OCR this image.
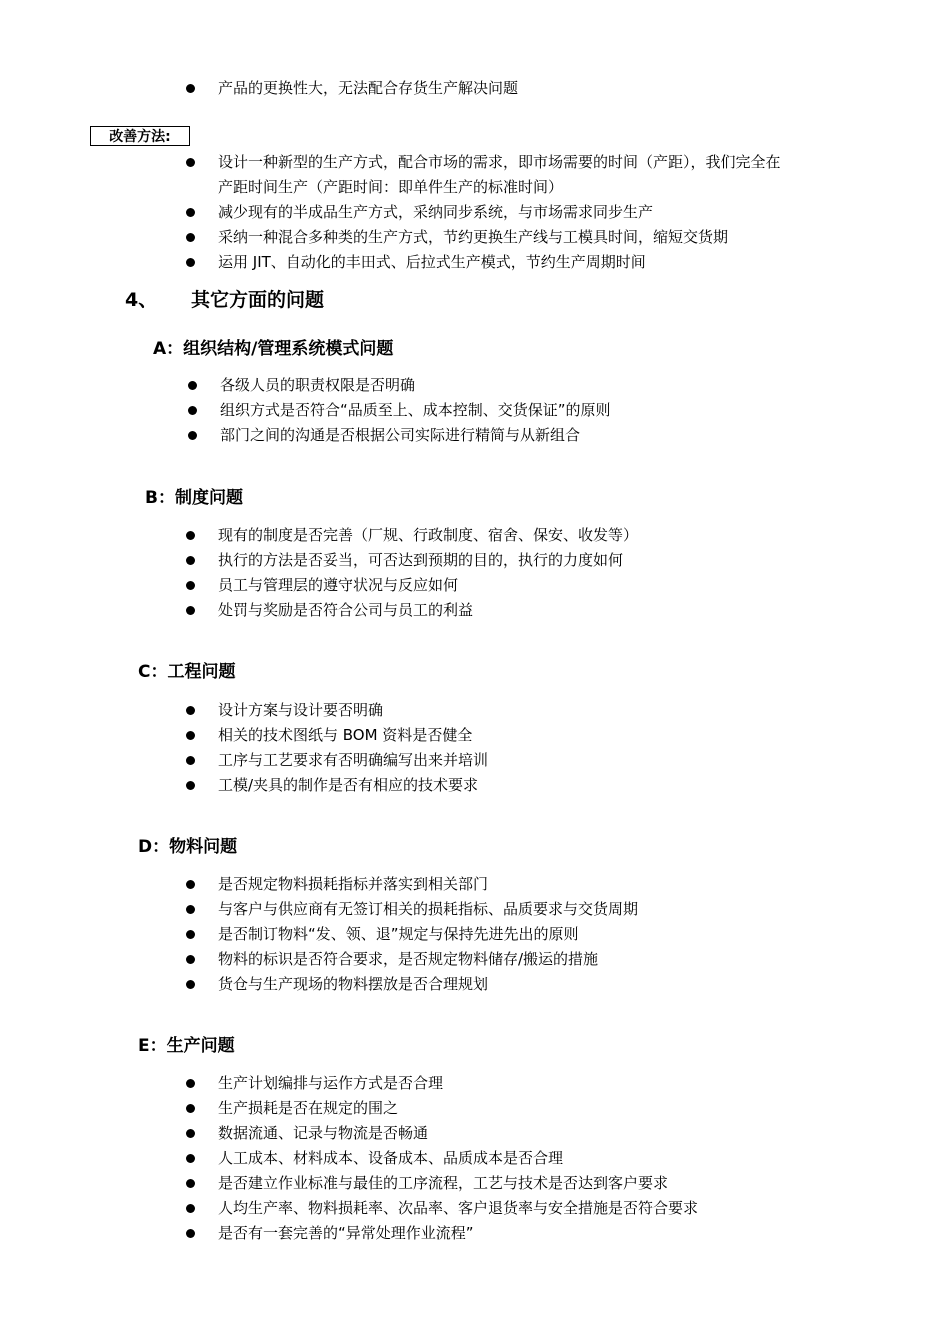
产品的更换性大，无法配合存货生产解决问题
改善方法:
设计一种新型的生产方式，配合市场的需求，即市场需要的时间（产距），我们完全在
产距时间生产（产距时间：即单件生产的标准时间）
减少现有的半成品生产方式，采纳同步系统，与市场需求同步生产
采纳一种混合多种类的生产方式，节约更换生产线与工模具时间，缩短交货期
运用 JIT、自动化的丰田式、后拉式生产模式，节约生产周期时间
4、 其它方面的问题
A：组织结构/管理系统模式问题
各级人员的职责权限是否明确
组织方式是否符合“品质至上、成本控制、交货保证”的原则
部门之间的沟通是否根据公司实际进行精简与从新组合
B：制度问题
现有的制度是否完善（厂规、行政制度、宿舍、保安、收发等）
执行的方法是否妥当，可否达到预期的目的，执行的力度如何
员工与管理层的遵守状况与反应如何
处罚与奖励是否符合公司与员工的利益
C：工程问题
设计方案与设计要否明确
相关的技术图纸与 BOM 资料是否健全
工序与工艺要求有否明确编写出来并培训
工模/夹具的制作是否有相应的技术要求
D：物料问题
是否规定物料损耗指标并落实到相关部门
与客户与供应商有无签订相关的损耗指标、品质要求与交货周期
是否制订物料“发、领、退”规定与保持先进先出的原则
物料的标识是否符合要求，是否规定物料储存/搬运的措施
货仓与生产现场的物料摆放是否合理规划
E：生产问题
生产计划编排与运作方式是否合理
生产损耗是否在规定的围之
数据流通、记录与物流是否畅通
人工成本、材料成本、设备成本、品质成本是否合理
是否建立作业标准与最佳的工序流程，工艺与技术是否达到客户要求
人均生产率、物料损耗率、次品率、客户退货率与安全措施是否符合要求
是否有一套完善的“异常处理作业流程”
